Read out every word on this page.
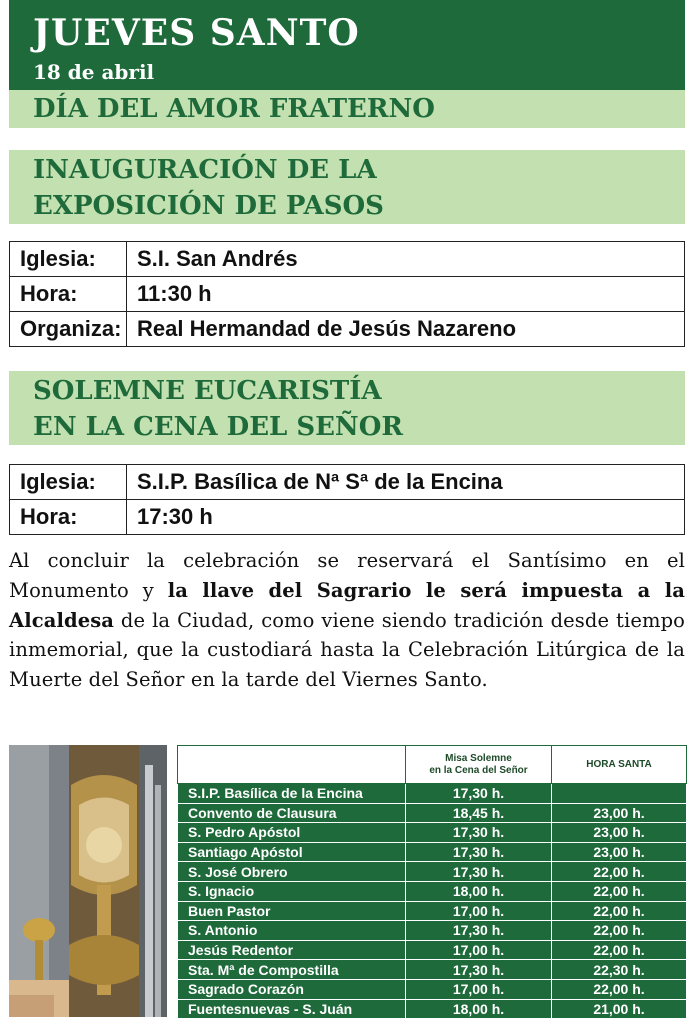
JUEVES SANTO
18 de abril
DÍA DEL AMOR FRATERNO
INAUGURACIÓN DE LA
EXPOSICIÓN DE PASOS
Iglesia:	S.I. San Andrés
Hora:	11:30 h
Organiza:	Real Hermandad de Jesús Nazareno
SOLEMNE EUCARISTÍA
EN LA CENA DEL SEÑOR
Iglesia:	S.I.P. Basílica de Nª Sª de la Encina
Hora:	17:30 h
Al concluir la celebración se reservará el Santísimo en el Monumento y la llave del Sagrario le será impuesta a la Alcaldesa de la Ciudad, como viene siendo tradición desde tiempo inmemorial, que la custodiará hasta la Celebración Litúrgica de la Muerte del Señor en la tarde del Viernes Santo.
	Misa Solemne
en la Cena del Señor	HORA SANTA
S.I.P. Basílica de la Encina	17,30 h.	
Convento de Clausura	18,45 h.	23,00 h.
S. Pedro Apóstol	17,30 h.	23,00 h.
Santiago Apóstol	17,30 h.	23,00 h.
S. José Obrero	17,30 h.	22,00 h.
S. Ignacio	18,00 h.	22,00 h.
Buen Pastor	17,00 h.	22,00 h.
S. Antonio	17,30 h.	22,00 h.
Jesús Redentor	17,00 h.	22,00 h.
Sta. Mª de Compostilla	17,30 h.	22,30 h.
Sagrado Corazón	17,00 h.	22,00 h.
Fuentesnuevas - S. Juán	18,00 h.	21,00 h.
